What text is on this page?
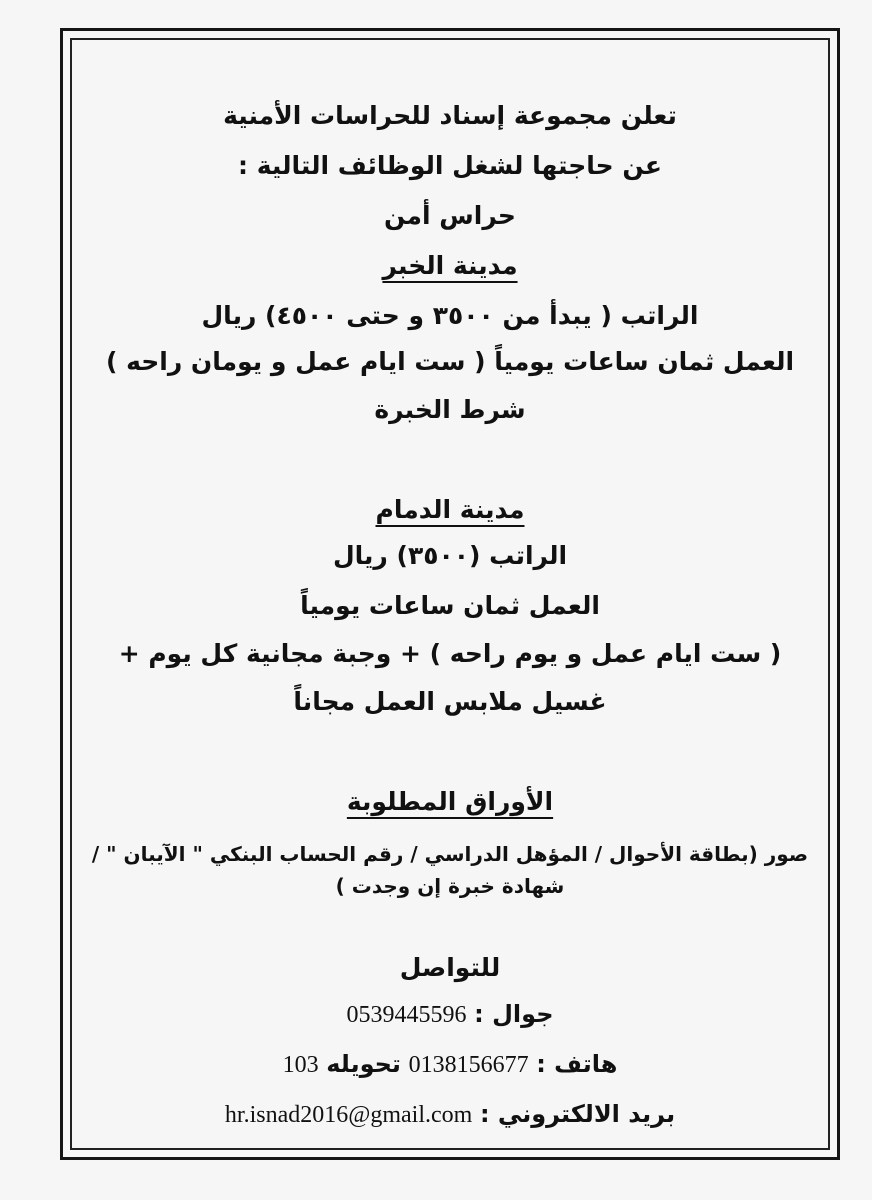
تعلن مجموعة إسناد للحراسات الأمنية
عن حاجتها لشغل الوظائف التالية :
حراس أمن
مدينة الخبر
الراتب ( يبدأ من ٣٥٠٠ و حتى ٤٥٠٠) ريال
العمل ثمان ساعات يومياً ( ست ايام عمل و يومان راحه )
شرط الخبرة
مدينة الدمام
الراتب (٣٥٠٠) ريال
العمل ثمان ساعات يومياً
( ست ايام عمل و يوم راحه ) + وجبة مجانية كل يوم +
غسيل ملابس العمل مجاناً
الأوراق المطلوبة
صور (بطاقة الأحوال / المؤهل الدراسي / رقم الحساب البنكي " الآيبان " /
شهادة خبرة إن وجدت )
للتواصل
جوال : 0539445596
هاتف : 0138156677 تحويله 103
بريد الالكتروني : hr.isnad2016@gmail.com
